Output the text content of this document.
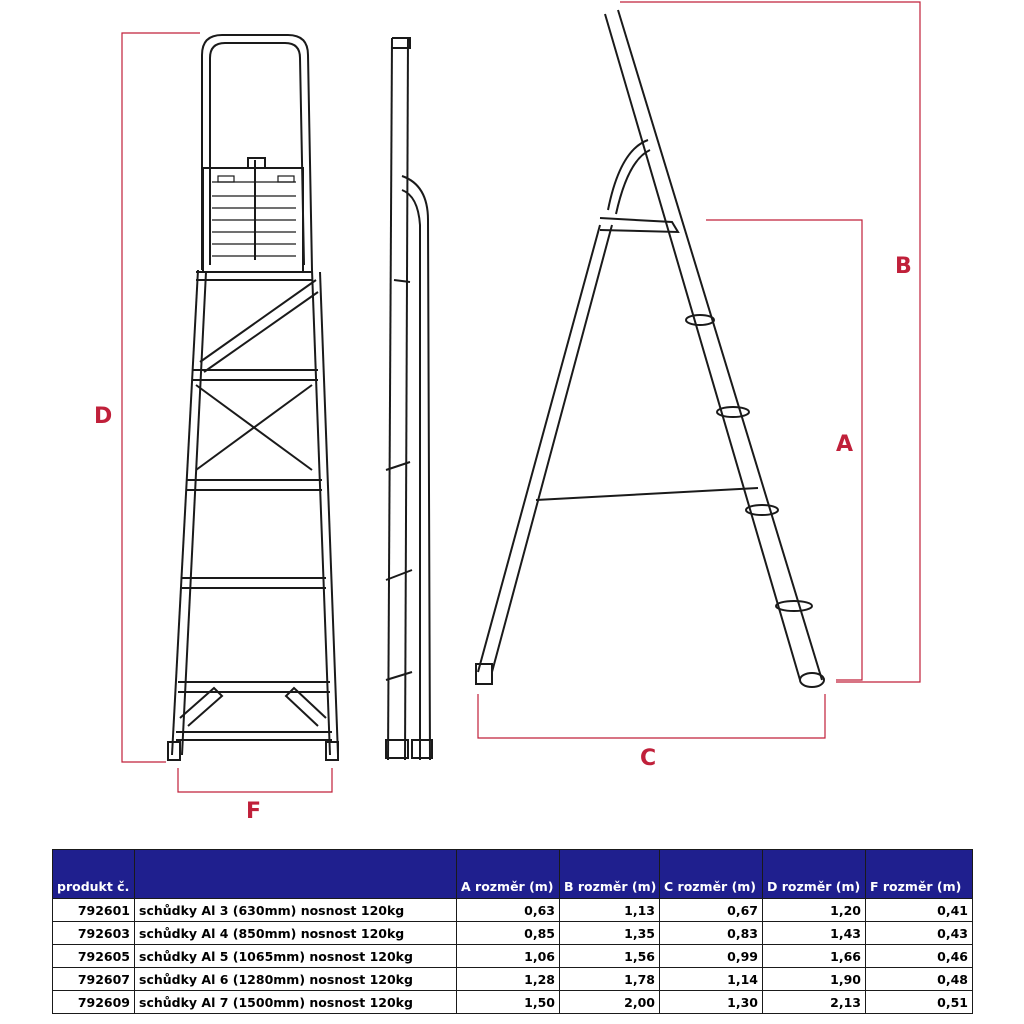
D
F
C
A
B
produkt č.		A rozměr (m)	B rozměr (m)	C rozměr (m)	D rozměr (m)	F rozměr (m)
792601	schůdky Al 3 (630mm) nosnost 120kg	0,63	1,13	0,67	1,20	0,41
792603	schůdky Al 4 (850mm) nosnost 120kg	0,85	1,35	0,83	1,43	0,43
792605	schůdky Al 5 (1065mm) nosnost 120kg	1,06	1,56	0,99	1,66	0,46
792607	schůdky Al 6 (1280mm) nosnost 120kg	1,28	1,78	1,14	1,90	0,48
792609	schůdky Al 7 (1500mm) nosnost 120kg	1,50	2,00	1,30	2,13	0,51
